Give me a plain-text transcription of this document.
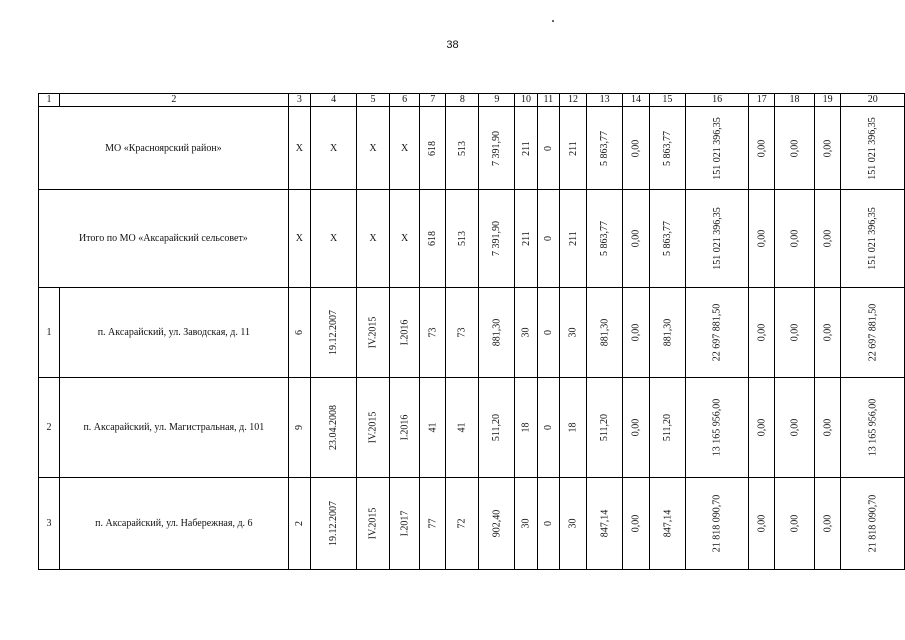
38
1	2	3	4	5	6	7	8	9	10	11	12	13	14	15	16	17	18	19	20
МО «Красноярский район»		X	X	X	X	618	513	7 391,90	211	0	211	5 863,77	0,00	5 863,77	151 021 396,35	0,00	0,00	0,00	151 021 396,35
Итого по МО «Аксарайский сельсовет»		X	X	X	X	618	513	7 391,90	211	0	211	5 863,77	0,00	5 863,77	151 021 396,35	0,00	0,00	0,00	151 021 396,35
1	п. Аксарайский, ул. Заводская, д. 11	6	19.12.2007	IV.2015	I.2016	73	73	881,30	30	0	30	881,30	0,00	881,30	22 697 881,50	0,00	0,00	0,00	22 697 881,50
2	п. Аксарайский, ул. Магистральная, д. 101	9	23.04.2008	IV.2015	I.2016	41	41	511,20	18	0	18	511,20	0,00	511,20	13 165 956,00	0,00	0,00	0,00	13 165 956,00
3	п. Аксарайский, ул. Набережная, д. 6	2	19.12.2007	IV.2015	I.2017	77	72	902,40	30	0	30	847,14	0,00	847,14	21 818 090,70	0,00	0,00	0,00	21 818 090,70
